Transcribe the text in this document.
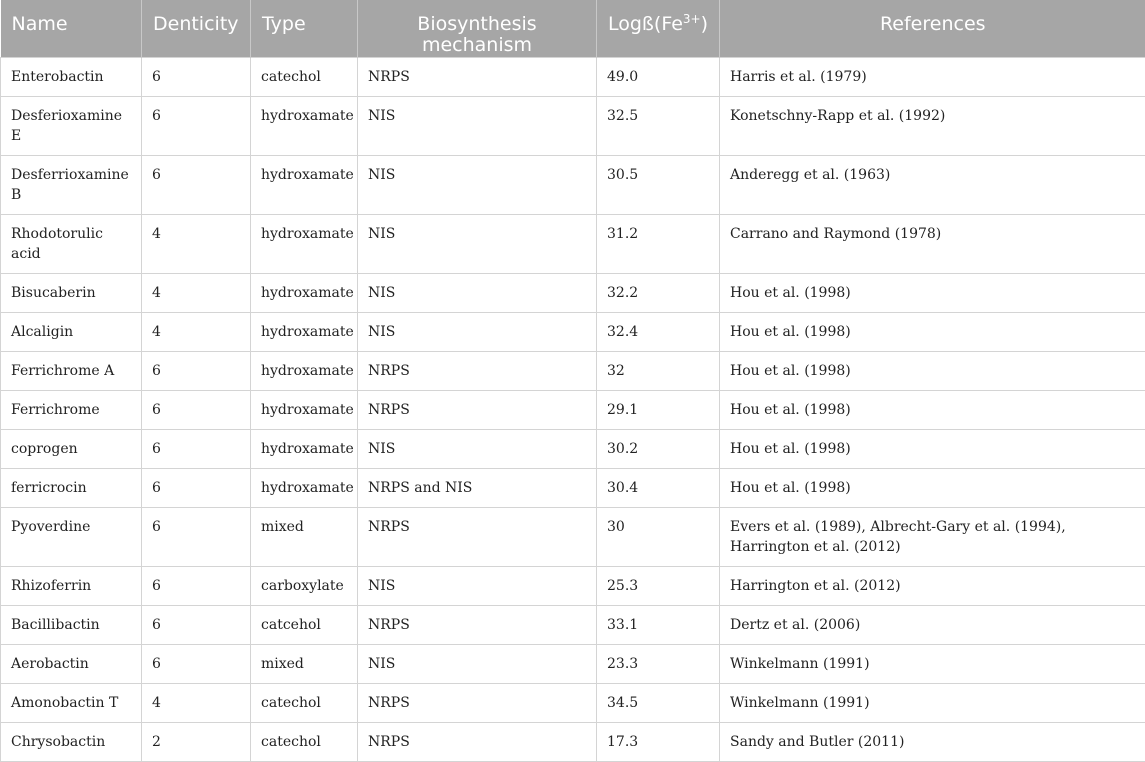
Name	Denticity	Type	Biosynthesis mechanism	$Logß(Fe^{3+})$	References
Enterobactin	6	catechol	NRPS	49.0	Harris et al. (1979)
Desferioxamine E	6	hydroxamate	NIS	32.5	Konetschny-Rapp et al. (1992)
Desferrioxamine B	6	hydroxamate	NIS	30.5	Anderegg et al. (1963)
Rhodotorulic acid	4	hydroxamate	NIS	31.2	Carrano and Raymond (1978)
Bisucaberin	4	hydroxamate	NIS	32.2	Hou et al. (1998)
Alcaligin	4	hydroxamate	NIS	32.4	Hou et al. (1998)
Ferrichrome A	6	hydroxamate	NRPS	32	Hou et al. (1998)
Ferrichrome	6	hydroxamate	NRPS	29.1	Hou et al. (1998)
coprogen	6	hydroxamate	NIS	30.2	Hou et al. (1998)
ferricrocin	6	hydroxamate	NRPS and NIS	30.4	Hou et al. (1998)
Pyoverdine	6	mixed	NRPS	30	Evers et al. (1989), Albrecht-Gary et al. (1994), Harrington et al. (2012)
Rhizoferrin	6	carboxylate	NIS	25.3	Harrington et al. (2012)
Bacillibactin	6	catcehol	NRPS	33.1	Dertz et al. (2006)
Aerobactin	6	mixed	NIS	23.3	Winkelmann (1991)
Amonobactin T	4	catechol	NRPS	34.5	Winkelmann (1991)
Chrysobactin	2	catechol	NRPS	17.3	Sandy and Butler (2011)
